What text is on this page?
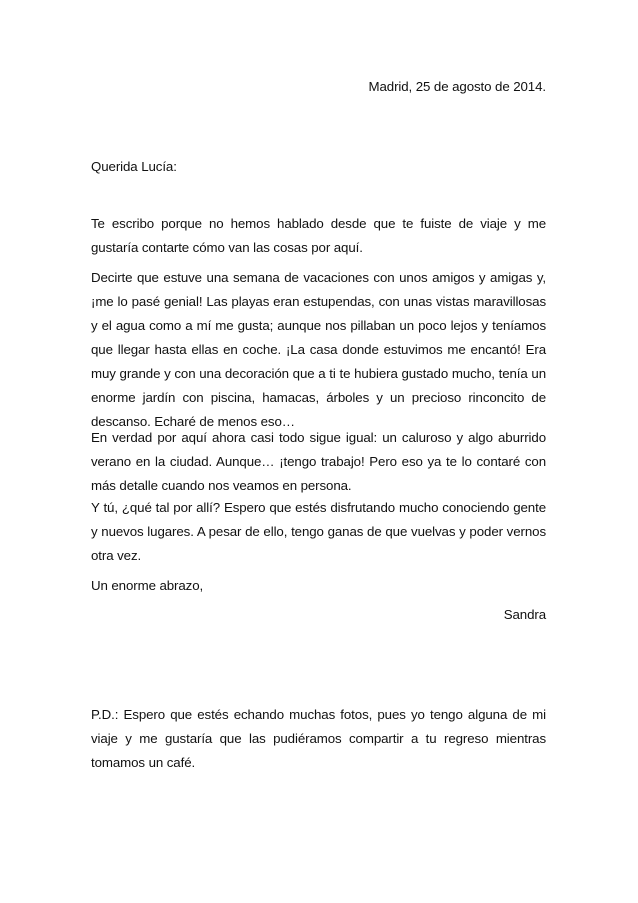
Madrid, 25 de agosto de 2014.

Querida Lucía:

Te escribo porque no hemos hablado desde que te fuiste de viaje y me gustaría contarte cómo van las cosas por aquí.

Decirte que estuve una semana de vacaciones con unos amigos y amigas y, ¡me lo pasé genial! Las playas eran estupendas, con unas vistas maravillosas y el agua como a mí me gusta; aunque nos pillaban un poco lejos y teníamos que llegar hasta ellas en coche. ¡La casa donde estuvimos me encantó! Era muy grande y con una decoración que a ti te hubiera gustado mucho, tenía un enorme jardín con piscina, hamacas, árboles y un precioso rinconcito de descanso. Echaré de menos eso…

En verdad por aquí ahora casi todo sigue igual: un caluroso y algo aburrido verano en la ciudad. Aunque… ¡tengo trabajo! Pero eso ya te lo contaré con más detalle cuando nos veamos en persona.

Y tú, ¿qué tal por allí? Espero que estés disfrutando mucho conociendo gente y nuevos lugares. A pesar de ello, tengo ganas de que vuelvas y poder vernos otra vez.

Un enorme abrazo,

Sandra

P.D.: Espero que estés echando muchas fotos, pues yo tengo alguna de mi viaje y me gustaría que las pudiéramos compartir a tu regreso mientras tomamos un café.
